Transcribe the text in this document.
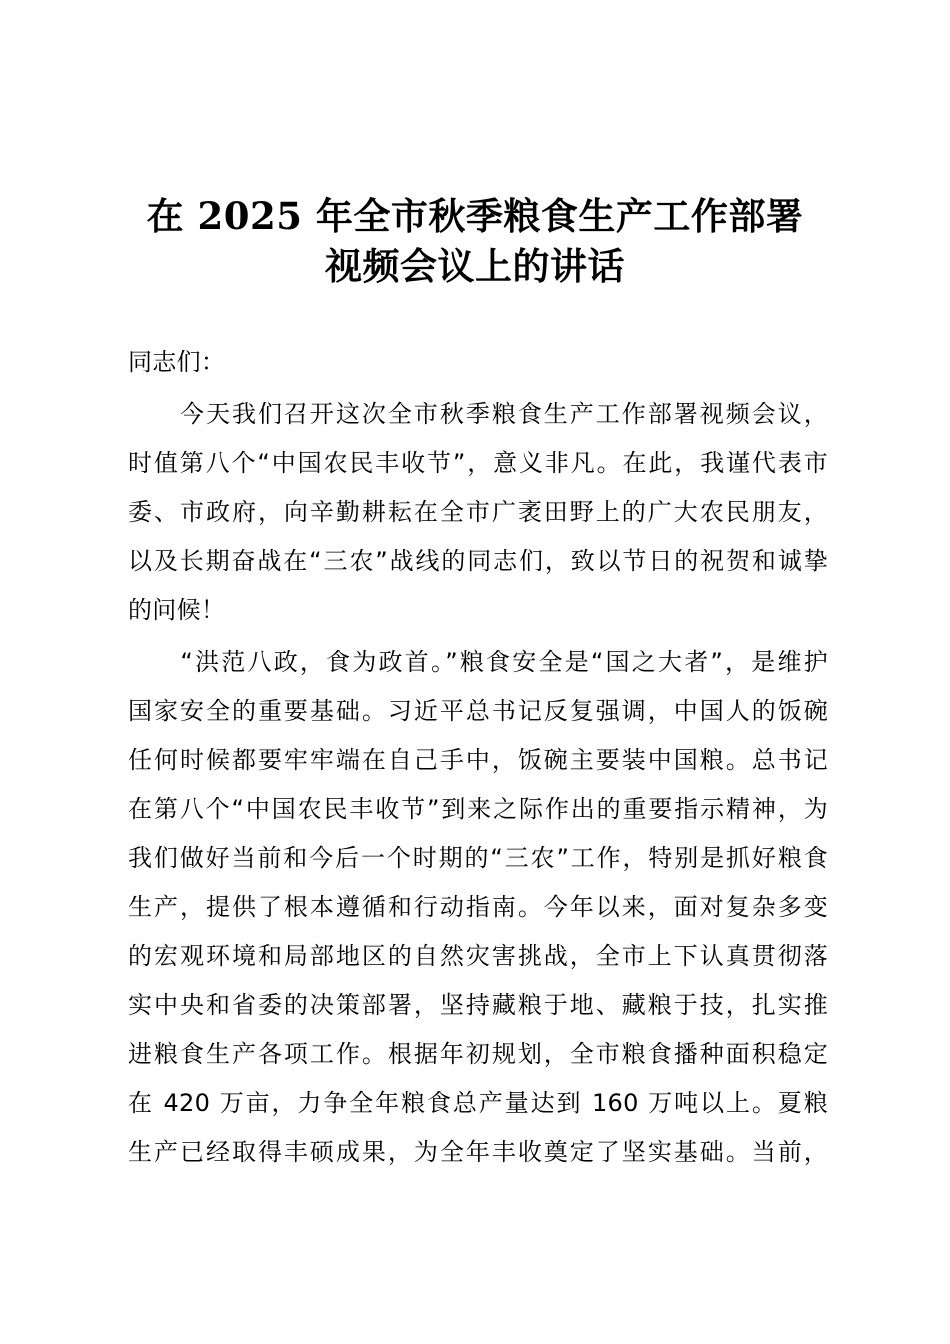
在 2025 年全市秋季粮食生产工作部署
视频会议上的讲话
同志们：
　　今天我们召开这次全市秋季粮食生产工作部署视频会议，
时值第八个“中国农民丰收节”，意义非凡。在此，我谨代表市
委、市政府，向辛勤耕耘在全市广袤田野上的广大农民朋友，
以及长期奋战在“三农”战线的同志们，致以节日的祝贺和诚挚
的问候！
　　“洪范八政，食为政首。”粮食安全是“国之大者”，是维护
国家安全的重要基础。习近平总书记反复强调，中国人的饭碗
任何时候都要牢牢端在自己手中，饭碗主要装中国粮。总书记
在第八个“中国农民丰收节”到来之际作出的重要指示精神，为
我们做好当前和今后一个时期的“三农”工作，特别是抓好粮食
生产，提供了根本遵循和行动指南。今年以来，面对复杂多变
的宏观环境和局部地区的自然灾害挑战，全市上下认真贯彻落
实中央和省委的决策部署，坚持藏粮于地、藏粮于技，扎实推
进粮食生产各项工作。根据年初规划，全市粮食播种面积稳定
在 420 万亩，力争全年粮食总产量达到 160 万吨以上。夏粮
生产已经取得丰硕成果，为全年丰收奠定了坚实基础。当前，
